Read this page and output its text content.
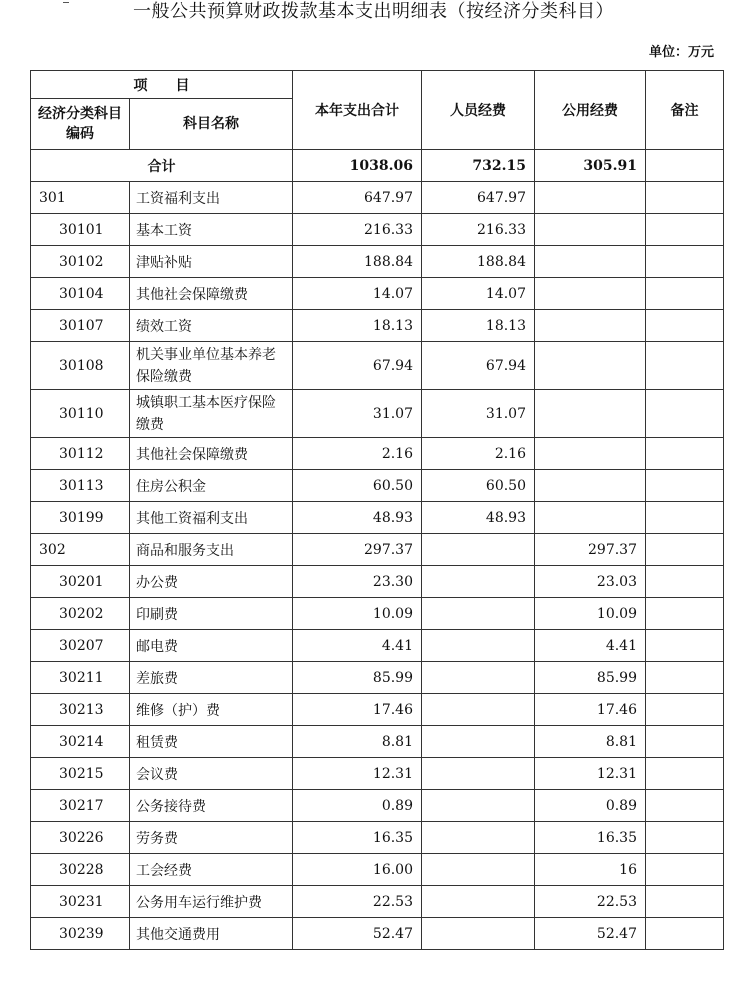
一般公共预算财政拨款基本支出明细表（按经济分类科目）
单位：万元
项　　目		本年支出合计	人员经费	公用经费	备注
经济分类科目编码	科目名称				
合计		1038.06	732.15	305.91	
301	工资福利支出	647.97	647.97		
30101	基本工资	216.33	216.33		
30102	津贴补贴	188.84	188.84		
30104	其他社会保障缴费	14.07	14.07		
30107	绩效工资	18.13	18.13		
30108	机关事业单位基本养老保险缴费	67.94	67.94		
30110	城镇职工基本医疗保险缴费	31.07	31.07		
30112	其他社会保障缴费	2.16	2.16		
30113	住房公积金	60.50	60.50		
30199	其他工资福利支出	48.93	48.93		
302	商品和服务支出	297.37		297.37	
30201	办公费	23.30		23.03	
30202	印刷费	10.09		10.09	
30207	邮电费	4.41		4.41	
30211	差旅费	85.99		85.99	
30213	维修（护）费	17.46		17.46	
30214	租赁费	8.81		8.81	
30215	会议费	12.31		12.31	
30217	公务接待费	0.89		0.89	
30226	劳务费	16.35		16.35	
30228	工会经费	16.00		16	
30231	公务用车运行维护费	22.53		22.53	
30239	其他交通费用	52.47		52.47	
